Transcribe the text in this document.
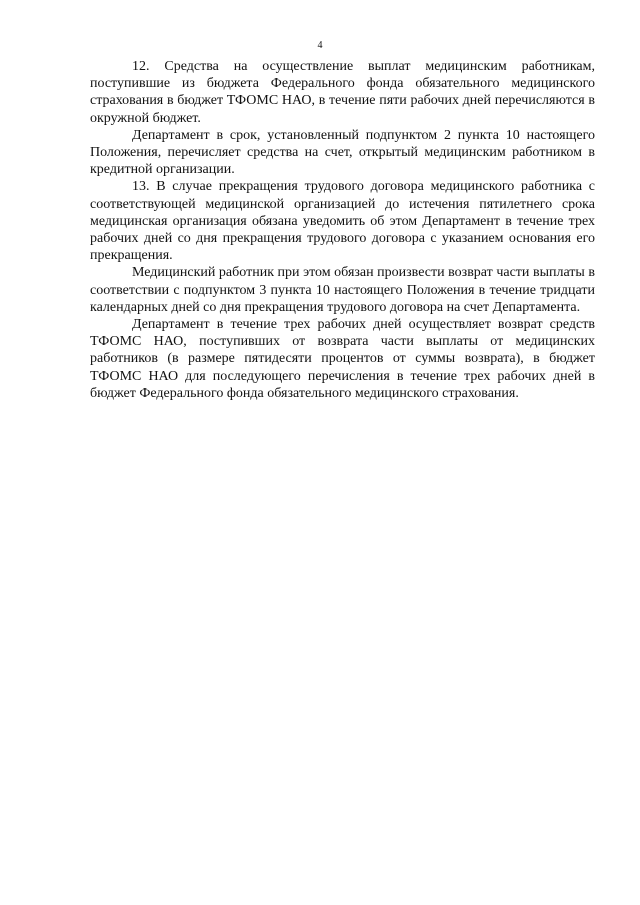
4

12. Средства на осуществление выплат медицинским работникам, поступившие из бюджета Федерального фонда обязательного медицинского страхования в бюджет ТФОМС НАО, в течение пяти рабочих дней перечисляются в окружной бюджет.

Департамент в срок, установленный подпунктом 2 пункта 10 настоящего Положения, перечисляет средства на счет, открытый медицинским работником в кредитной организации.

13. В случае прекращения трудового договора медицинского работника с соответствующей медицинской организацией до истечения пятилетнего срока медицинская организация обязана уведомить об этом Департамент в течение трех рабочих дней со дня прекращения трудового договора с указанием основания его прекращения.

Медицинский работник при этом обязан произвести возврат части выплаты в соответствии с подпунктом 3 пункта 10 настоящего Положения в течение тридцати календарных дней со дня прекращения трудового договора на счет Департамента.

Департамент в течение трех рабочих дней осуществляет возврат средств ТФОМС НАО, поступивших от возврата части выплаты от медицинских работников (в размере пятидесяти процентов от суммы возврата), в бюджет ТФОМС НАО для последующего перечисления в течение трех рабочих дней в бюджет Федерального фонда обязательного медицинского страхования.
